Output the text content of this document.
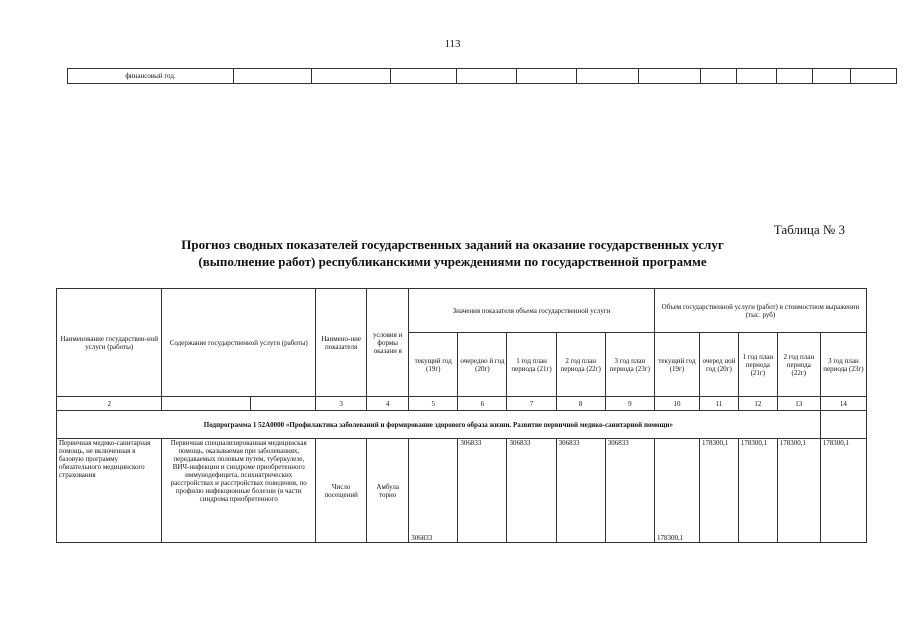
113
финансовый год.												
Таблица № 3
Прогноз сводных показателей государственных заданий на оказание государственных услуг
(выполнение работ) республиканскими учреждениями по государственной программе
Наименование государствен-ной услуги (работы)	Содержание государственной услуги (работы)		Наимено-ние показателя	условия и формы оказани я	Значения показателя объема государственной услуги					Объем государственной услуги (работ) в стоимостном выражении (тыс. руб)				
					текущий год (19г)	очередно й год (20г)	1 год план периода (21г)	2 год план периода (22г)	3 год план периода (23г)	текущий год (19г)	очеред ной год (20г)	1 год план периода (21г)	2 год план периода (22г)	3 год план периода (23г)
2			3	4	5	6	7	8	9	10	11	12	13	14
Подпрограмма 1 52А0000 «Профилактика заболеваний и формирование здорового образа жизни. Развитие первичной медико-санитарной помощи»														
Первичная медико-санитарная помощь, не включенная в базовую программу обязательного медицинского страхования	Первичная специализированная медицинская помощь, оказываемая при заболеваниях, передаваемых половым путем, туберкулезе, ВИЧ-инфекции и синдроме приобретенного иммунодефицита, психиатрических расстройствах и расстройствах поведения, по профилю инфекционные болезни (в части синдрома приобретенного		Число посещений	Амбула торно	306833	306833	306833	306833	306833	178300,1	178300,1	178300,1	178300,1	178300,1
